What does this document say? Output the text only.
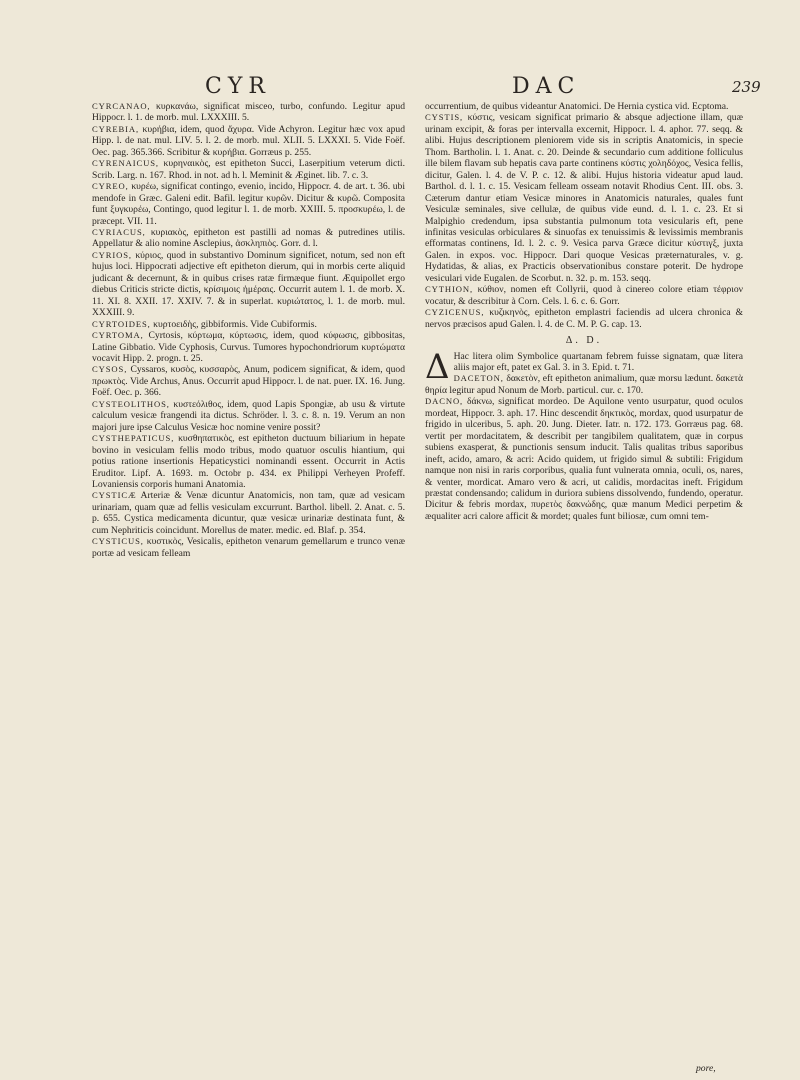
CYR	DAC	239

CYRCANAO, κυρκανάω, significat misceo, turbo, confundo. Legitur apud Hippocr. l. 1. de morb. mul. LXXXIII. 5.

CYREBIA, κυρήβια, idem, quod ἄχυρα. Vide Achyron. Legitur hæc vox apud Hipp. l. de nat. mul. LIV. 5. l. 2. de morb. mul. XLII. 5. LXXXI. 5. Vide Foëf. Oec. pag. 365.366. Scribitur & κυρήβια. Gorræus p. 255.

CYRENAICUS, κυρηναικὸς, est epitheton Succi, Laserpitium veterum dicti. Scrib. Larg. n. 167. Rhod. in not. ad h. l. Meminit & Æginet. lib. 7. c. 3.

CYREO, κυρέω, significat contingo, evenio, incido, Hippocr. 4. de art. t. 36. ubi mendofe in Græc. Galeni edit. Bafil. legitur κυρῶν. Dicitur & κυρῶ. Composita funt ξυγκυρέω, Contingo, quod legitur l. 1. de morb. XXIII. 5. προσκυρέω, l. de præcept. VII. 11.

CYRIACUS, κυριακὸς, epitheton est pastilli ad nomas & putredines utilis. Appellatur & alio nomine Asclepius, ἀσκληπιὸς. Gorr. d. l.

CYRIOS, κύριος, quod in substantivo Dominum significet, notum, sed non eft hujus loci. Hippocrati adjective eft epitheton dierum, qui in morbis certe aliquid judicant & decernunt, & in quibus crises ratæ firmæque fiunt. Æquipollet ergo diebus Criticis stricte dictis, κρίσιμοις ἡμέραις. Occurrit autem l. 1. de morb. X. 11. XI. 8. XXII. 17. XXIV. 7. & in superlat. κυριώτατος, l. 1. de morb. mul. XXXIII. 9.

CYRTOIDES, κυρτοειδὴς, gibbiformis. Vide Cubiformis.

CYRTOMA, Cyrtosis, κύρτωμα, κύρτωσις, idem, quod κύφωσις, gibbositas, Latine Gibbatio. Vide Cyphosis, Curvus. Tumores hypochondriorum κυρτώματα vocavit Hipp. 2. progn. t. 25.

CYSOS, Cyssaros, κυσὸς, κυσσαρὸς, Anum, podicem significat, & idem, quod πρωκτὸς. Vide Archus, Anus. Occurrit apud Hippocr. l. de nat. puer. IX. 16. Jung. Foëf. Oec. p. 366.

CYSTEOLITHOS, κυστεόλιθος, idem, quod Lapis Spongiæ, ab usu & virtute calculum vesicæ frangendi ita dictus. Schröder. l. 3. c. 8. n. 19. Verum an non majori jure ipse Calculus Vesicæ hoc nomine venire possit?

CYSTHEPATICUS, κυσθηπατικὸς, est epitheton ductuum biliarium in hepate bovino in vesiculam fellis modo tribus, modo quatuor osculis hiantium, qui potius ratione insertionis Hepaticystici nominandi essent. Occurrit in Actis Eruditor. Lipf. A. 1693. m. Octobr p. 434. ex Philippi Verheyen Profeff. Lovaniensis corporis humani Anatomia.

CYSTICÆ Arteriæ & Venæ dicuntur Anatomicis, non tam, quæ ad vesicam urinariam, quam quæ ad fellis vesiculam excurrunt. Barthol. libell. 2. Anat. c. 5. p. 655. Cystica medicamenta dicuntur, quæ vesicæ urinariæ destinata funt, & cum Nephriticis coincidunt. Morellus de mater. medic. ed. Blaf. p. 354.

CYSTICUS, κυστικὸς, Vesicalis, epitheton venarum gemellarum e trunco venæ portæ ad vesicam felleam

occurrentium, de quibus videantur Anatomici. De Hernia cystica vid. Ecptoma.

CYSTIS, κύστις, vesicam significat primario & absque adjectione illam, quæ urinam excipit, & foras per intervalla excernit, Hippocr. l. 4. aphor. 77. seqq. & alibi. Hujus descriptionem pleniorem vide sis in scriptis Anatomicis, in specie Thom. Bartholin. l. 1. Anat. c. 20. Deinde & secundario cum additione folliculus ille bilem flavam sub hepatis cava parte continens κύστις χοληδόχος, Vesica fellis, dicitur, Galen. l. 4. de V. P. c. 12. & alibi. Hujus historia videatur apud laud. Barthol. d. l. 1. c. 15. Vesicam felleam osseam notavit Rhodius Cent. III. obs. 3. Cæterum dantur etiam Vesicæ minores in Anatomicis naturales, quales funt Vesiculæ seminales, sive cellulæ, de quibus vide eund. d. l. 1. c. 23. Et si Malpighio credendum, ipsa substantia pulmonum tota vesicularis eft, pene infinitas vesiculas orbiculares & sinuofas ex tenuissimis & levissimis membranis efformatas continens, Id. l. 2. c. 9. Vesica parva Græce dicitur κύστιγξ, juxta Galen. in expos. voc. Hippocr. Dari quoque Vesicas præternaturales, v. g. Hydatidas, & alias, ex Practicis observationibus constare poterit. De hydrope vesiculari vide Eugalen. de Scorbut. n. 32. p. m. 153. seqq.

CYTHION, κύθιον, nomen eft Collyrii, quod à cinereo colore etiam τέφριον vocatur, & describitur à Corn. Cels. l. 6. c. 6. Gorr.

CYZICENUS, κυζικηνὸς, epitheton emplastri faciendis ad ulcera chronica & nervos præcisos apud Galen. l. 4. de C. M. P. G. cap. 13.

Δ. D.

Δ Hac litera olim Symbolice quartanam febrem fuisse signatam, quæ litera aliis major eft, patet ex Gal. 3. in 3. Epid. t. 71.

DACETON, δακετὸν, eft epitheton animalium, quæ morsu lædunt. δακετὰ θηρία legitur apud Nonum de Morb. particul. cur. c. 170.

DACNO, δάκνω, significat mordeo. De Aquilone vento usurpatur, quod oculos mordeat, Hippocr. 3. aph. 17. Hinc descendit δηκτικὸς, mordax, quod usurpatur de frigido in ulceribus, 5. aph. 20. Jung. Dieter. Iatr. n. 172. 173. Gorræus pag. 68. vertit per mordacitatem, & describit per tangibilem qualitatem, quæ in corpus subiens exasperat, & punctionis sensum inducit. Talis qualitas tribus saporibus ineft, acido, amaro, & acri: Acido quidem, ut frigido simul & subtili: Frigidum namque non nisi in raris corporibus, qualia funt vulnerata omnia, oculi, os, nares, & venter, mordicat. Amaro vero & acri, ut calidis, mordacitas ineft. Frigidum præstat condensando; calidum in duriora subiens dissolvendo, fundendo, operatur. Dicitur & febris mordax, πυρετὸς δακνώδης, quæ manum Medici perpetim & æqualiter acri calore afficit & mordet; quales funt biliosæ, cum omni tem-

pore,
